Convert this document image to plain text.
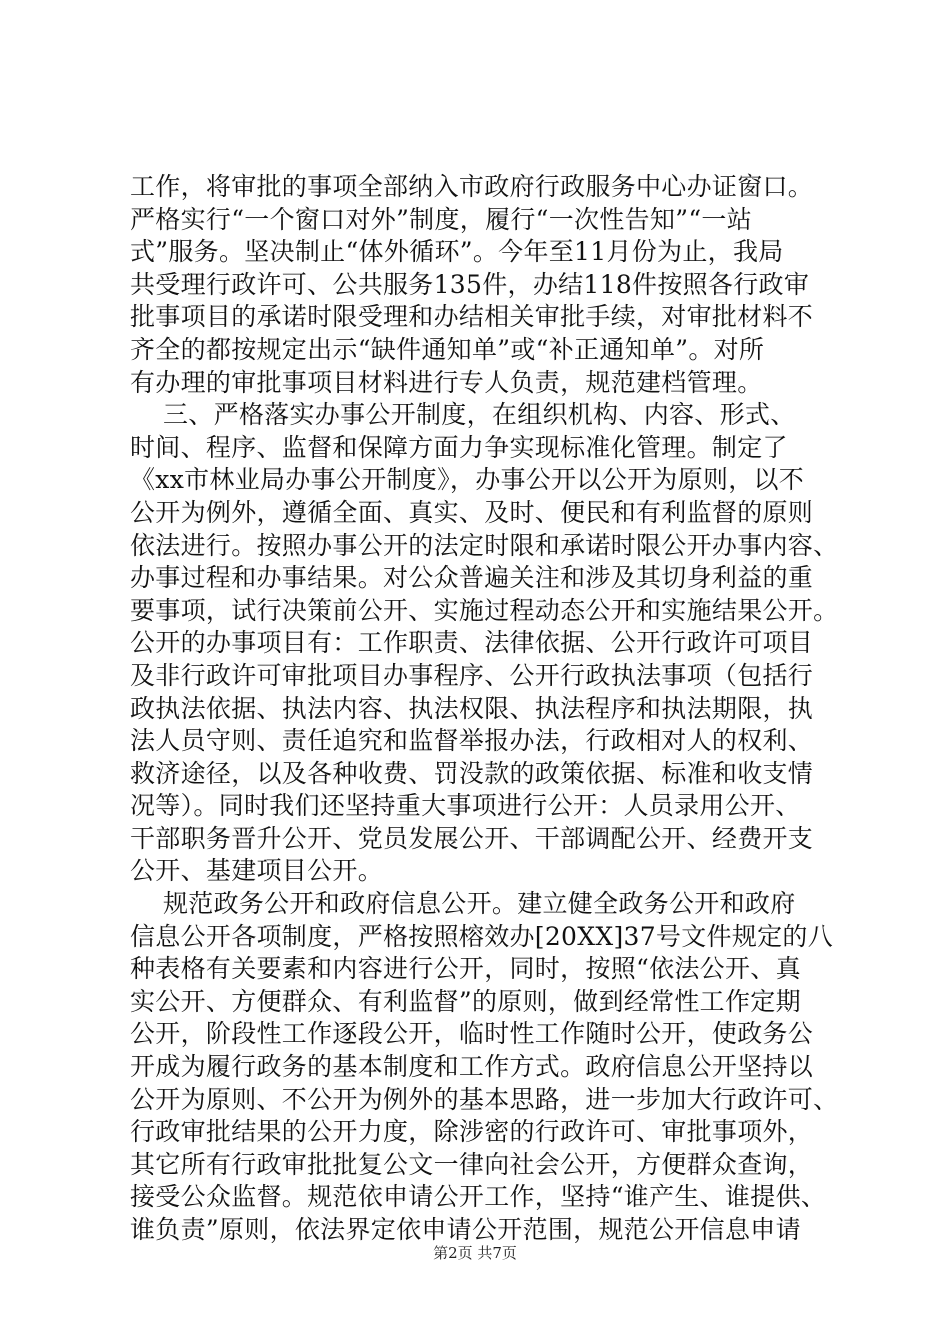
工作，将审批的事项全部纳入市政府行政服务中心办证窗口。
严格实行“一个窗口对外”制度，履行“一次性告知”“一站
式”服务。坚决制止“体外循环”。今年至11月份为止，我局
共受理行政许可、公共服务135件，办结118件按照各行政审
批事项目的承诺时限受理和办结相关审批手续，对审批材料不
齐全的都按规定出示“缺件通知单”或“补正通知单”。对所
有办理的审批事项目材料进行专人负责，规范建档管理。
三、严格落实办事公开制度，在组织机构、内容、形式、
时间、程序、监督和保障方面力争实现标准化管理。制定了
《xx市林业局办事公开制度》，办事公开以公开为原则，以不
公开为例外，遵循全面、真实、及时、便民和有利监督的原则
依法进行。按照办事公开的法定时限和承诺时限公开办事内容、
办事过程和办事结果。对公众普遍关注和涉及其切身利益的重
要事项，试行决策前公开、实施过程动态公开和实施结果公开。
公开的办事项目有：工作职责、法律依据、公开行政许可项目
及非行政许可审批项目办事程序、公开行政执法事项（包括行
政执法依据、执法内容、执法权限、执法程序和执法期限，执
法人员守则、责任追究和监督举报办法，行政相对人的权利、
救济途径，以及各种收费、罚没款的政策依据、标准和收支情
况等）。同时我们还坚持重大事项进行公开：人员录用公开、
干部职务晋升公开、党员发展公开、干部调配公开、经费开支
公开、基建项目公开。
规范政务公开和政府信息公开。建立健全政务公开和政府
信息公开各项制度，严格按照榕效办[20XX]37号文件规定的八
种表格有关要素和内容进行公开，同时，按照“依法公开、真
实公开、方便群众、有利监督”的原则，做到经常性工作定期
公开，阶段性工作逐段公开，临时性工作随时公开，使政务公
开成为履行政务的基本制度和工作方式。政府信息公开坚持以
公开为原则、不公开为例外的基本思路，进一步加大行政许可、
行政审批结果的公开力度，除涉密的行政许可、审批事项外，
其它所有行政审批批复公文一律向社会公开，方便群众查询，
接受公众监督。规范依申请公开工作，坚持“谁产生、谁提供、
谁负责”原则，依法界定依申请公开范围，规范公开信息申请
第2页 共7页
